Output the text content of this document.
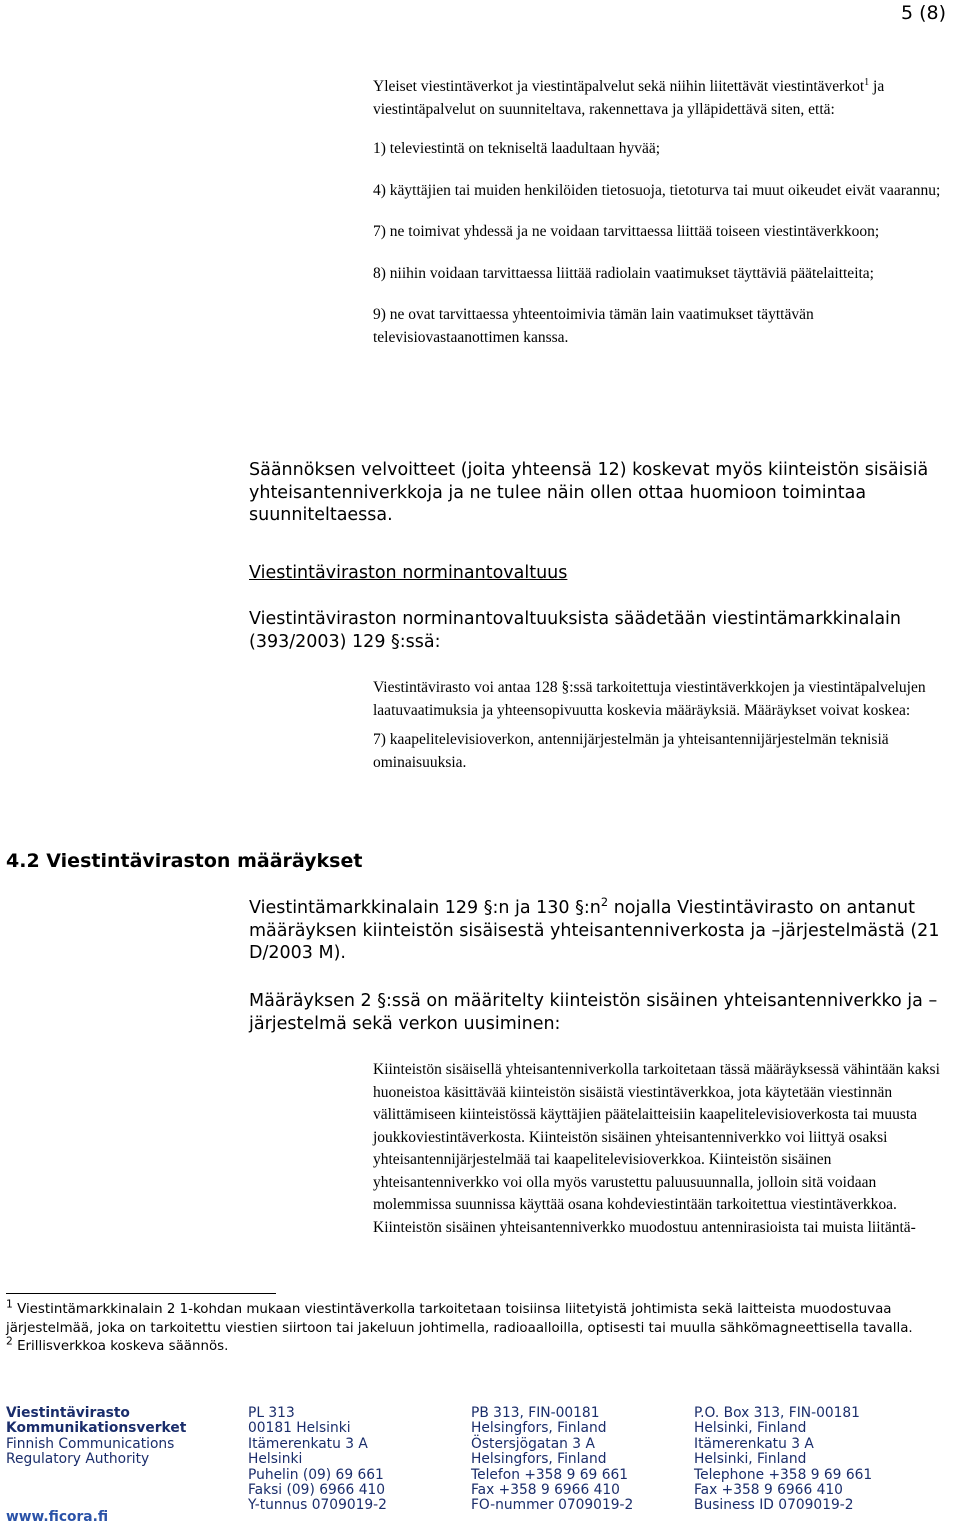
5 (8)
Yleiset viestintäverkot ja viestintäpalvelut sekä niihin liitettävät viestintäverkot$^1$ ja viestintäpalvelut on suunniteltava, rakennettava ja ylläpidettävä siten, että:
1) televiestintä on tekniseltä laadultaan hyvää;
4) käyttäjien tai muiden henkilöiden tietosuoja, tietoturva tai muut oikeudet eivät vaarannu;
7) ne toimivat yhdessä ja ne voidaan tarvittaessa liittää toiseen viestintäverkkoon;
8) niihin voidaan tarvittaessa liittää radiolain vaatimukset täyttäviä päätelaitteita;
9) ne ovat tarvittaessa yhteentoimivia tämän lain vaatimukset täyttävän televisiovastaanottimen kanssa.
Säännöksen velvoitteet (joita yhteensä 12) koskevat myös kiinteistön sisäisiä yhteisantenniverkkoja ja ne tulee näin ollen ottaa huomioon toimintaa suunniteltaessa.
Viestintäviraston norminantovaltuus
Viestintäviraston norminantovaltuuksista säädetään viestintämarkkinalain (393/2003) 129 §:ssä:
Viestintävirasto voi antaa 128 §:ssä tarkoitettuja viestintäverkkojen ja viestintäpalvelujen laatuvaatimuksia ja yhteensopivuutta koskevia määräyksiä. Määräykset voivat koskea:
7) kaapelitelevisioverkon, antennijärjestelmän ja yhteisantennijärjestelmän teknisiä ominaisuuksia.
4.2 Viestintäviraston määräykset
Viestintämarkkinalain 129 §:n ja 130 $\S:n^2$ nojalla Viestintävirasto on antanut määräyksen kiinteistön sisäisestä yhteisantenniverkosta ja –järjestelmästä (21 D/2003 M).
Määräyksen 2 §:ssä on määritelty kiinteistön sisäinen yhteisantenniverkko ja –järjestelmä sekä verkon uusiminen:
Kiinteistön sisäisellä yhteisantenniverkolla tarkoitetaan tässä määräyksessä vähintään kaksi huoneistoa käsittävää kiinteistön sisäistä viestintäverkkoa, jota käytetään viestinnän välittämiseen kiinteistössä käyttäjien päätelaitteisiin kaapelitelevisioverkosta tai muusta joukkoviestintäverkosta. Kiinteistön sisäinen yhteisantenniverkko voi liittyä osaksi yhteisantennijärjestelmää tai kaapelitelevisioverkkoa. Kiinteistön sisäinen yhteisantenniverkko voi olla myös varustettu paluusuunnalla, jolloin sitä voidaan molemmissa suunnissa käyttää osana kohdeviestintään tarkoitettua viestintäverkkoa. Kiinteistön sisäinen yhteisantenniverkko muodostuu antennirasioista tai muista liitäntä-
$^1$ Viestintämarkkinalain 2 1-kohdan mukaan viestintäverkolla tarkoitetaan toisiinsa liitetyistä johtimista sekä laitteista muodostuvaa järjestelmää, joka on tarkoitettu viestien siirtoon tai jakeluun johtimella, radioaalloilla, optisesti tai muulla sähkömagneettisella tavalla.
$^2$ Erillisverkkoa koskeva säännös.
Viestintävirasto
Kommunikationsverket
Finnish Communications
Regulatory Authority
www.ficora.fi
PL 313
00181 Helsinki
Itämerenkatu 3 A
Helsinki
Puhelin (09) 69 661
Faksi (09) 6966 410
Y-tunnus 0709019-2
PB 313, FIN-00181
Helsingfors, Finland
Östersjögatan 3 A
Helsingfors, Finland
Telefon +358 9 69 661
Fax +358 9 6966 410
FO-nummer 0709019-2
P.O. Box 313, FIN-00181
Helsinki, Finland
Itämerenkatu 3 A
Helsinki, Finland
Telephone +358 9 69 661
Fax +358 9 6966 410
Business ID 0709019-2
